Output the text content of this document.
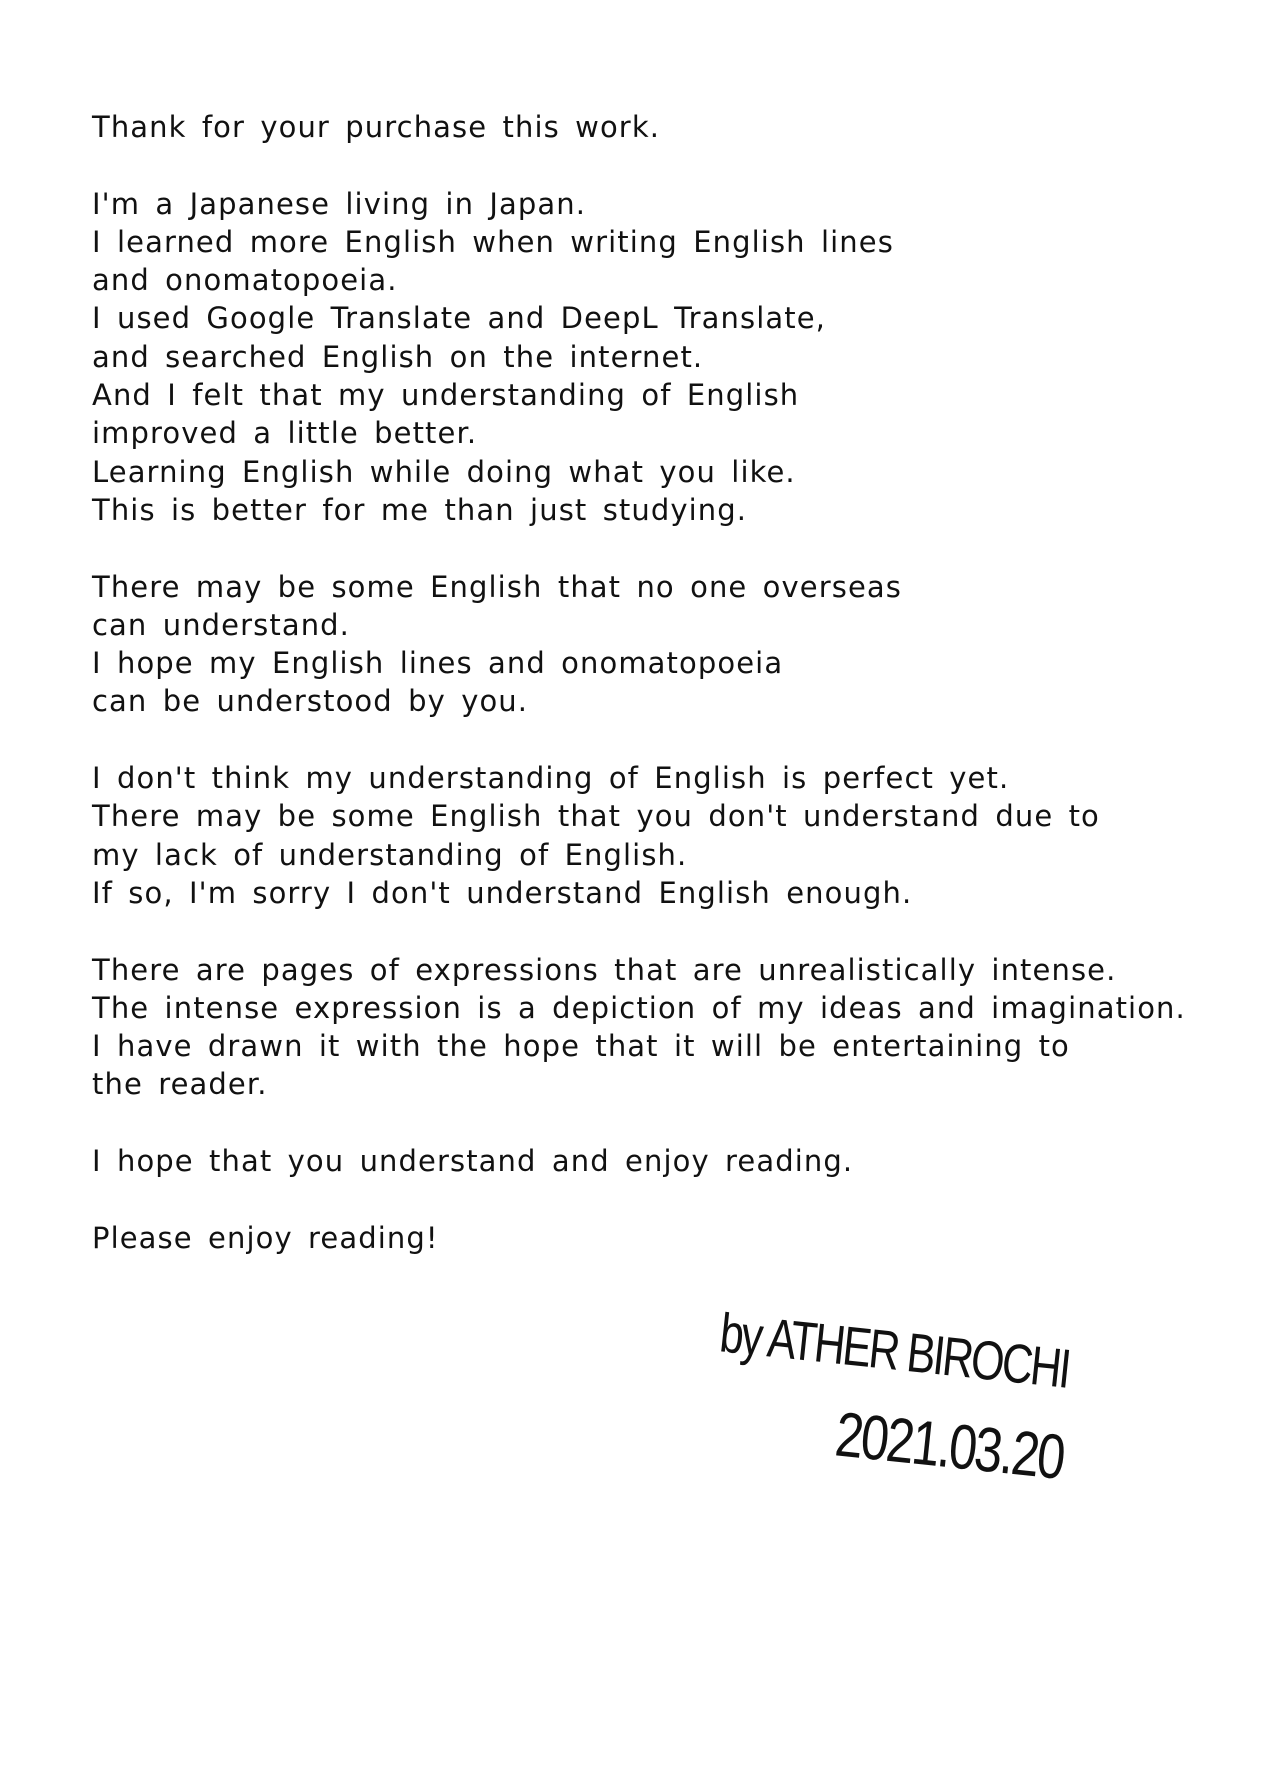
Thank for your purchase this work.

I'm a Japanese living in Japan.
I learned more English when writing English lines
and onomatopoeia.
I used Google Translate and DeepL Translate,
and searched English on the internet.
And I felt that my understanding of English
improved a little better.
Learning English while doing what you like.
This is better for me than just studying.

There may be some English that no one overseas
can understand.
I hope my English lines and onomatopoeia
can be understood by you.

I don't think my understanding of English is perfect yet.
There may be some English that you don't understand due to
my lack of understanding of English.
If so, I'm sorry I don't understand English enough.

There are pages of expressions that are unrealistically intense.
The intense expression is a depiction of my ideas and imagination.
I have drawn it with the hope that it will be entertaining to
the reader.

I hope that you understand and enjoy reading.

Please enjoy reading!

by ATHER BIROCHI
2021.03.20
